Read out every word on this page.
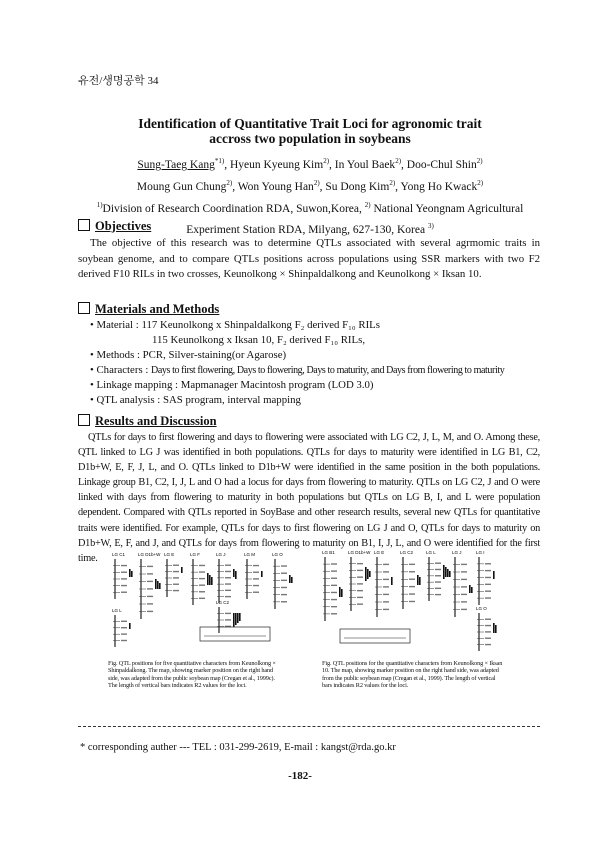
유전/생명공학 34
Identification of Quantitative Trait Loci for agronomic trait
accross two population in soybeans
Sung-Taeg Kang$^{*1)}$, Hyeun Kyeung Kim$^{2)}$, In Youl Baek$^{2)}$, Doo-Chul Shin$^{2)}$
Moung Gun Chung$^{2)}$, Won Young Han$^{2)}$, Su Dong Kim$^{2)}$, Yong Ho Kwack$^{2)}$
$^{1)}$Division of Research Coordination RDA, Suwon,Korea, $^{2)}$ National Yeongnam Agricultural
Experiment Station RDA, Milyang, 627-130, Korea $^{3)}$
Objectives
The objective of this research was to determine QTLs associated with several agrmomic traits in soybean genome, and to compare QTLs positions across populations using SSR markers with two F2 derived F10 RILs in two crosses, Keunolkong × Shinpaldalkong and Keunolkong × Iksan 10.
Materials and Methods
• Material : 117 Keunolkong x Shinpaldalkong F₂ derived F₁₀ RILs
115 Keunolkong x Iksan 10, F₂ derived F₁₀ RILs,
• Methods : PCR, Silver-staining(or Agarose)
• Characters : Days to first flowering, Days to flowering, Days to maturity, and Days from flowering to maturity
• Linkage mapping : Mapmanager Macintosh program (LOD 3.0)
• QTL analysis : SAS program, interval mapping
Results and Discussion
QTLs for days to first flowering and days to flowering were associated with LG C2, J, L, M, and O. Among these, QTL linked to LG J was identified in both populations. QTLs for days to maturity were identified in LG B1, C2, D1b+W, E, F, J, L, and O. QTLs linked to D1b+W were identified in the same position in the both populations. Linkage group B1, C2, I, J, L and O had a locus for days from flowering to maturity. QTLs on LG C2, J and O were linked with days from flowering to maturity in both populations but QTLs on LG B, I, and L were population dependent. Compared with QTLs reported in SoyBase and other research results, several new QTLs for quantitative traits were identified. For example, QTLs for days to first flowering on LG J and O, QTLs for days to maturity on D1b+W, E, F, and J, and QTLs for days from flowering to maturity on B1, I, J, L, and O were identified for the first time.	LG C1	LG D1b+W LG E	LG F	LG J
LG C2
LG L
LG M	LG O
Fig. QTL positions for five quantitative characters from Keunolkong × Shinpaldalkong. The map, showing marker position on the right hand side, was adapted from the public soybean map (Cregan et al., 1999c). The length of vertical bars indicates R2 values for the loci.
LG B1	LG D1b+W LG E	LG C2	LG L	LG J	LG I
LG O
Fig. QTL positions for the quantitative characters from Keunolkong × Iksan 10. The map, showing marker position on the right hand side, was adapted from the public soybean map (Cregan et al., 1999). The length of vertical bars indicates R2 values for the loci.
* corresponding auther --- TEL : 031-299-2619, E-mail : kangst@rda.go.kr
-182-
